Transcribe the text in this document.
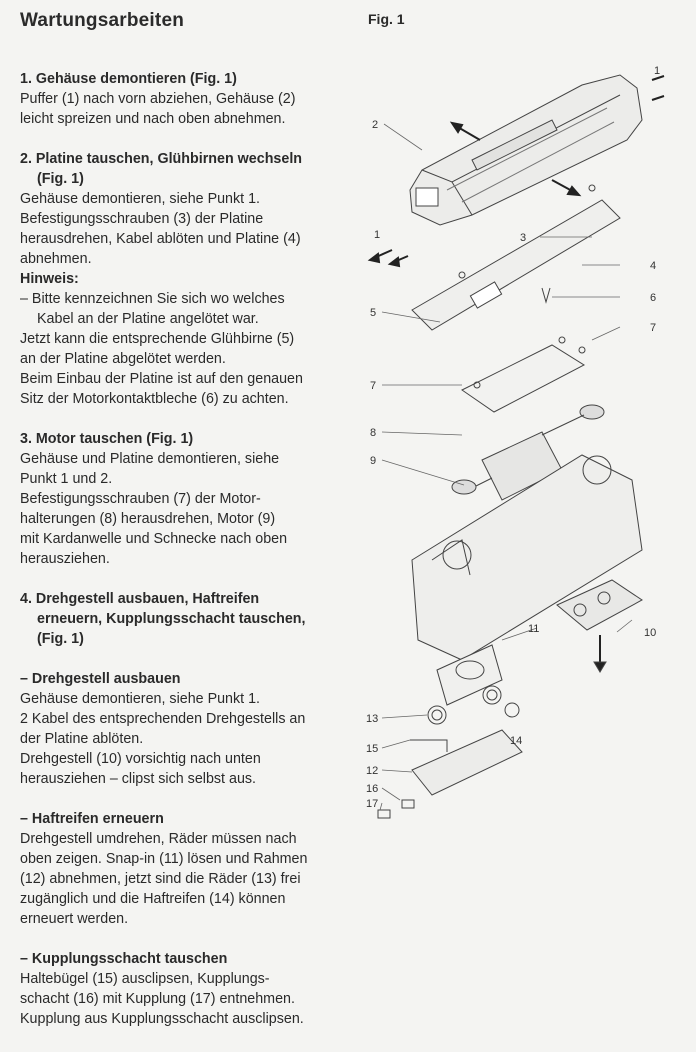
Wartungsarbeiten
1. Gehäuse demontieren (Fig. 1)

Puffer (1) nach vorn abziehen, Gehäuse (2)

leicht spreizen und nach oben abnehmen.

2. Platine tauschen, Glühbirnen wechseln
(Fig. 1)

Gehäuse demontieren, siehe Punkt 1.

Befestigungsschrauben (3) der Platine

herausdrehen, Kabel ablöten und Platine (4)

abnehmen.

Hinweis:

– Bitte kennzeichnen Sie sich wo welches

Kabel an der Platine angelötet war.

Jetzt kann die entsprechende Glühbirne (5)

an der Platine abgelötet werden.

Beim Einbau der Platine ist auf den genauen

Sitz der Motorkontaktbleche (6) zu achten.

3. Motor tauschen (Fig. 1)

Gehäuse und Platine demontieren, siehe

Punkt 1 und 2.

Befestigungsschrauben (7) der Motor-

halterungen (8) herausdrehen, Motor (9)

mit Kardanwelle und Schnecke nach oben

herausziehen.

4. Drehgestell ausbauen, Haftreifen
erneuern, Kupplungsschacht tauschen,
(Fig. 1)

– Drehgestell ausbauen

Gehäuse demontieren, siehe Punkt 1.

2 Kabel des entsprechenden Drehgestells an

der Platine ablöten.

Drehgestell (10) vorsichtig nach unten

herausziehen – clipst sich selbst aus.

– Haftreifen erneuern

Drehgestell umdrehen, Räder müssen nach

oben zeigen. Snap-in (11) lösen und Rahmen

(12) abnehmen, jetzt sind die Räder (13) frei

zugänglich und die Haftreifen (14) können

erneuert werden.

– Kupplungsschacht tauschen

Haltebügel (15) ausclipsen, Kupplungs-

schacht (16) mit Kupplung (17) entnehmen.

Kupplung aus Kupplungsschacht ausclipsen.

Fig. 1
2
1
1
3
4
5
6
7
7
8
9
10
11
13
14
15
12
16
17
